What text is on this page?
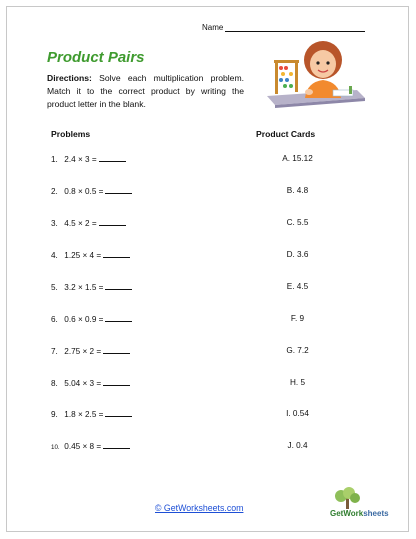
Name
Product Pairs
Directions: Solve each multiplication problem. Match it to the correct product by writing the product letter in the blank.
Problems	Product Cards
1. 2.4 × 3 =
2. 0.8 × 0.5 =
3. 4.5 × 2 =
4. 1.25 × 4 =
5. 3.2 × 1.5 =
6. 0.6 × 0.9 =
7. 2.75 × 2 =
8. 5.04 × 3 =
9. 1.8 × 2.5 =
10. 0.45 × 8 =
A. 15.12
B. 4.8
C. 5.5
D. 3.6
E. 4.5
F. 9
G. 7.2
H. 5
I. 0.54
J. 0.4
© GetWorksheets.com
GetWorksheets
